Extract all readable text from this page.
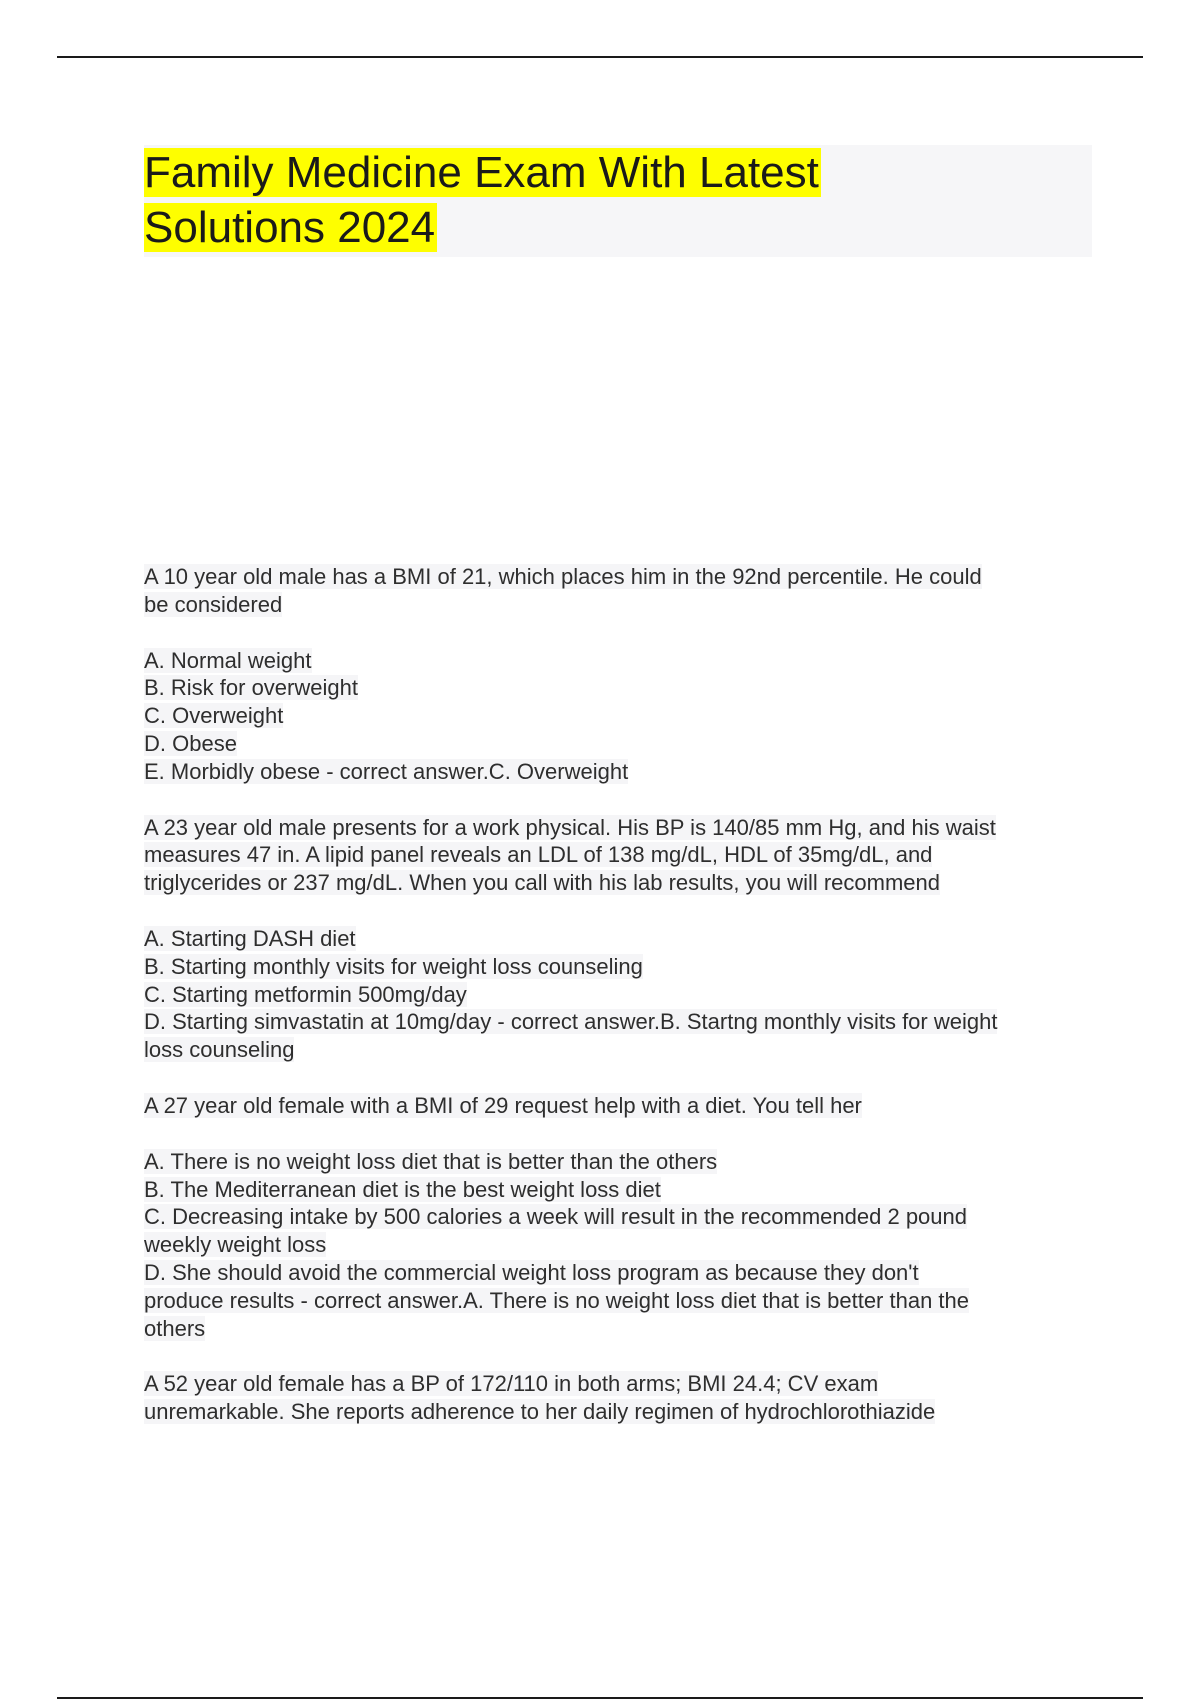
Family Medicine Exam With Latest
Solutions 2024
A 10 year old male has a BMI of 21, which places him in the 92nd percentile. He could
be considered
A. Normal weight
B. Risk for overweight
C. Overweight
D. Obese
E. Morbidly obese - correct answer.C. Overweight
A 23 year old male presents for a work physical. His BP is 140/85 mm Hg, and his waist
measures 47 in. A lipid panel reveals an LDL of 138 mg/dL, HDL of 35mg/dL, and
triglycerides or 237 mg/dL. When you call with his lab results, you will recommend
A. Starting DASH diet
B. Starting monthly visits for weight loss counseling
C. Starting metformin 500mg/day
D. Starting simvastatin at 10mg/day - correct answer.B. Startng monthly visits for weight
loss counseling
A 27 year old female with a BMI of 29 request help with a diet. You tell her
A. There is no weight loss diet that is better than the others
B. The Mediterranean diet is the best weight loss diet
C. Decreasing intake by 500 calories a week will result in the recommended 2 pound
weekly weight loss
D. She should avoid the commercial weight loss program as because they don't
produce results - correct answer.A. There is no weight loss diet that is better than the
others
A 52 year old female has a BP of 172/110 in both arms; BMI 24.4; CV exam
unremarkable. She reports adherence to her daily regimen of hydrochlorothiazide
